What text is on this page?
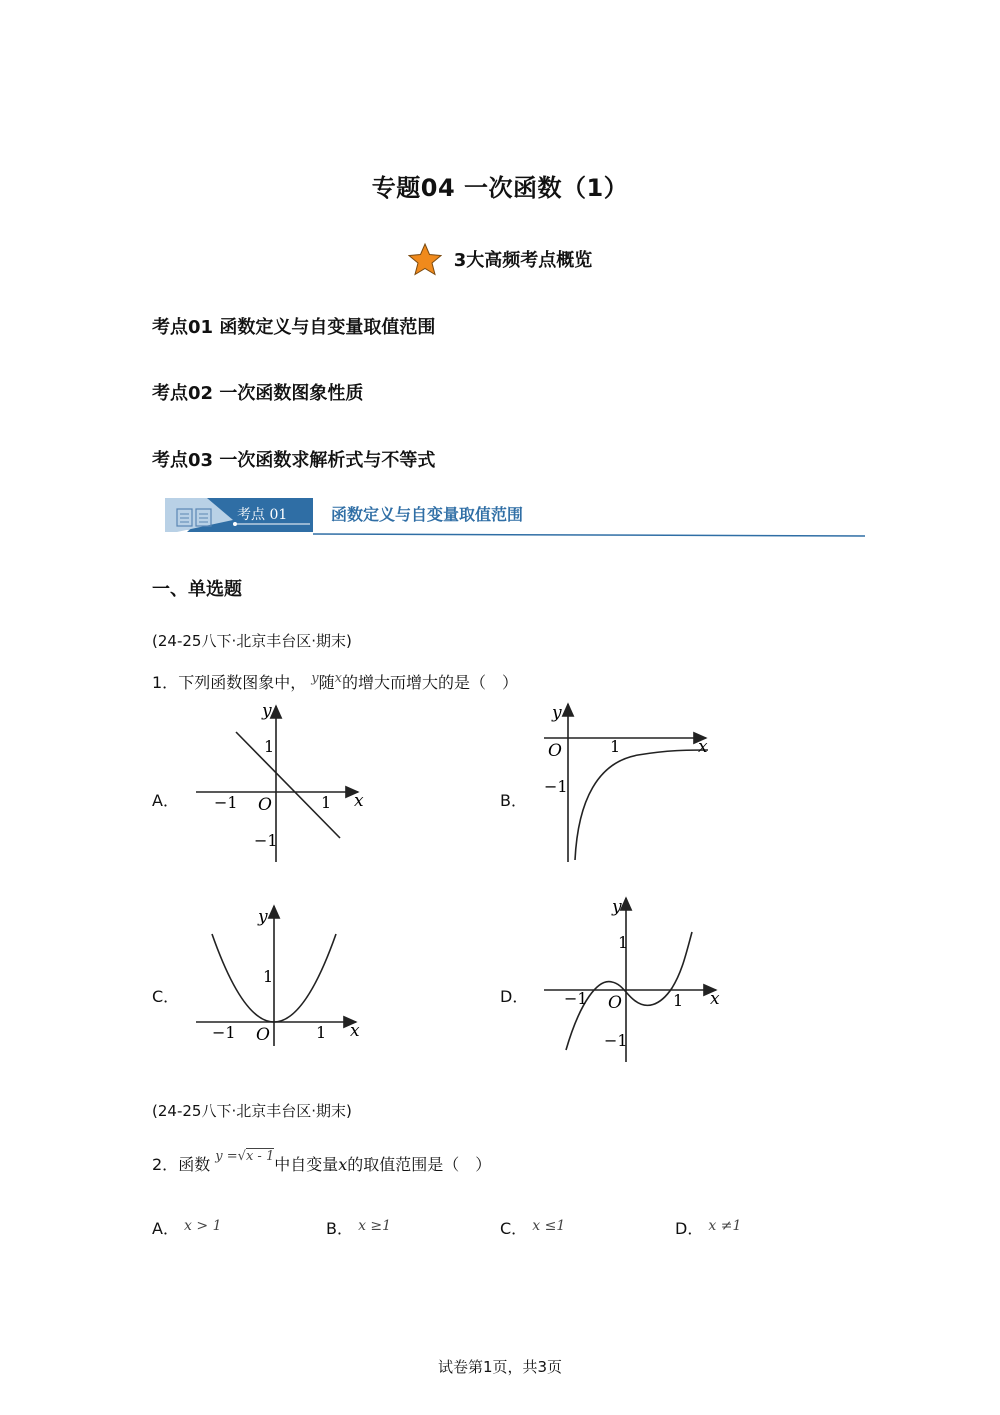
专题04 一次函数（1）
3大高频考点概览
考点01 函数定义与自变量取值范围
考点02 一次函数图象性质
考点03 一次函数求解析式与不等式
考点 01	函数定义与自变量取值范围
一、单选题
(24-25八下·北京丰台区·期末)
1．下列函数图象中， $^y$随$^x$的增大而增大的是（　）
A．	B．
C．	D．
y
x
O
1
1
−1
−1
y
x
O	1
−1
y
x
O
1
1
−1
y
x
O
1
1
−1
−1
(24-25八下·北京丰台区·期末)
2．函数 y =√x - 1中自变量x的取值范围是（　）
A． x > 1	B． x ≥1	C． x ≤1	D． x ≠1
试卷第1页，共3页
